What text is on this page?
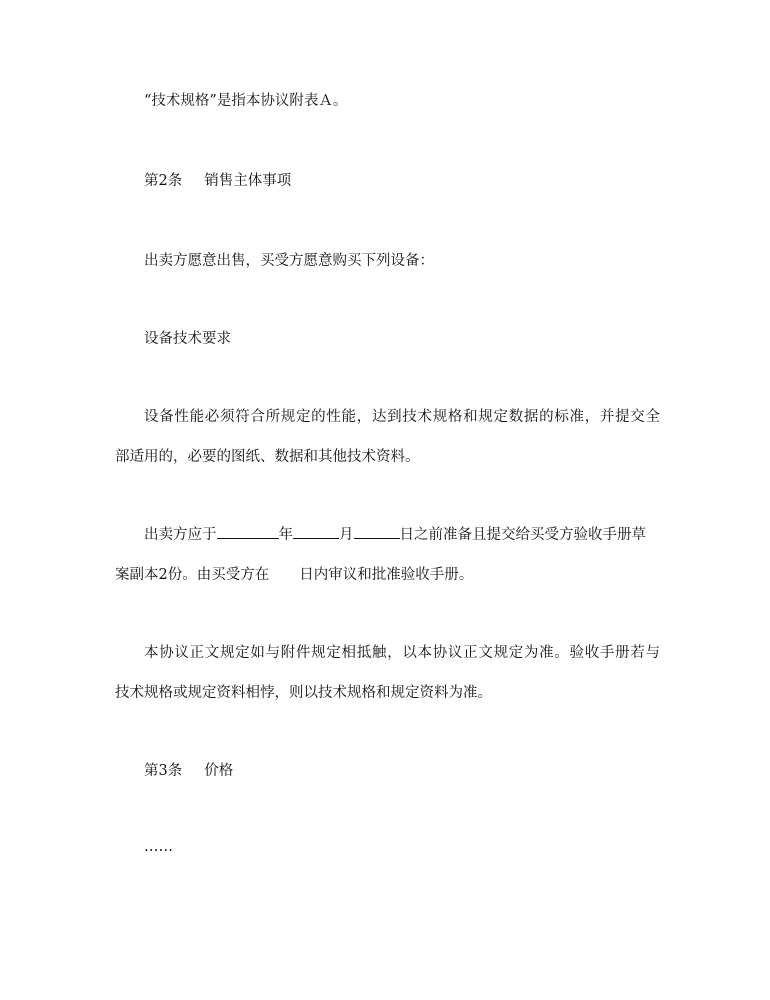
“技术规格”是指本协议附表Ａ。
第2条 销售主体事项
出卖方愿意出售，买受方愿意购买下列设备：
设备技术要求
设备性能必须符合所规定的性能，达到技术规格和规定数据的标准，并提交全
部适用的，必要的图纸、数据和其他技术资料。
出卖方应于	年	月	日之前准备且提交给买受方验收手册草
案副本2份。由买受方在 日内审议和批准验收手册。
本协议正文规定如与附件规定相抵触，以本协议正文规定为准。验收手册若与
技术规格或规定资料相悖，则以技术规格和规定资料为准。
第3条 价格
……
